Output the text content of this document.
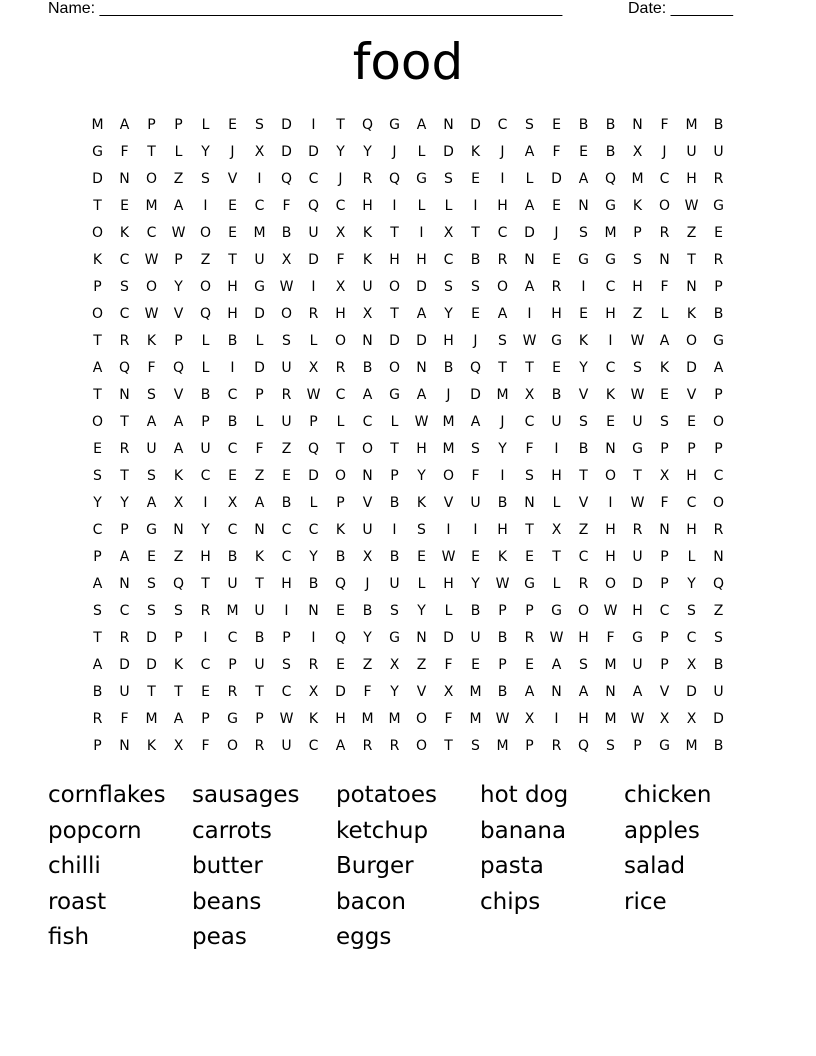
Name: ____________________________________________________	Date: _______
food
M	A	P	P	L	E	S	D	I	T	Q	G	A	N	D	C	S	E	B	B	N	F	M	B
G	F	T	L	Y	J	X	D	D	Y	Y	J	L	D	K	J	A	F	E	B	X	J	U	U
D	N	O	Z	S	V	I	Q	C	J	R	Q	G	S	E	I	L	D	A	Q	M	C	H	R
T	E	M	A	I	E	C	F	Q	C	H	I	L	L	I	H	A	E	N	G	K	O	W	G
O	K	C	W	O	E	M	B	U	X	K	T	I	X	T	C	D	J	S	M	P	R	Z	E
K	C	W	P	Z	T	U	X	D	F	K	H	H	C	B	R	N	E	G	G	S	N	T	R
P	S	O	Y	O	H	G	W	I	X	U	O	D	S	S	O	A	R	I	C	H	F	N	P
O	C	W	V	Q	H	D	O	R	H	X	T	A	Y	E	A	I	H	E	H	Z	L	K	B
T	R	K	P	L	B	L	S	L	O	N	D	D	H	J	S	W	G	K	I	W	A	O	G
A	Q	F	Q	L	I	D	U	X	R	B	O	N	B	Q	T	T	E	Y	C	S	K	D	A
T	N	S	V	B	C	P	R	W	C	A	G	A	J	D	M	X	B	V	K	W	E	V	P
O	T	A	A	P	B	L	U	P	L	C	L	W	M	A	J	C	U	S	E	U	S	E	O
E	R	U	A	U	C	F	Z	Q	T	O	T	H	M	S	Y	F	I	B	N	G	P	P	P
S	T	S	K	C	E	Z	E	D	O	N	P	Y	O	F	I	S	H	T	O	T	X	H	C
Y	Y	A	X	I	X	A	B	L	P	V	B	K	V	U	B	N	L	V	I	W	F	C	O
C	P	G	N	Y	C	N	C	C	K	U	I	S	I	I	H	T	X	Z	H	R	N	H	R
P	A	E	Z	H	B	K	C	Y	B	X	B	E	W	E	K	E	T	C	H	U	P	L	N
A	N	S	Q	T	U	T	H	B	Q	J	U	L	H	Y	W	G	L	R	O	D	P	Y	Q
S	C	S	S	R	M	U	I	N	E	B	S	Y	L	B	P	P	G	O	W	H	C	S	Z
T	R	D	P	I	C	B	P	I	Q	Y	G	N	D	U	B	R	W	H	F	G	P	C	S
A	D	D	K	C	P	U	S	R	E	Z	X	Z	F	E	P	E	A	S	M	U	P	X	B
B	U	T	T	E	R	T	C	X	D	F	Y	V	X	M	B	A	N	A	N	A	V	D	U
R	F	M	A	P	G	P	W	K	H	M	M	O	F	M	W	X	I	H	M	W	X	X	D
P	N	K	X	F	O	R	U	C	A	R	R	O	T	S	M	P	R	Q	S	P	G	M	B
cornflakes	sausages	potatoes	hot dog	chicken
popcorn	carrots	ketchup	banana	apples
chilli	butter	Burger	pasta	salad
roast	beans	bacon	chips	rice
fish	peas	eggs
